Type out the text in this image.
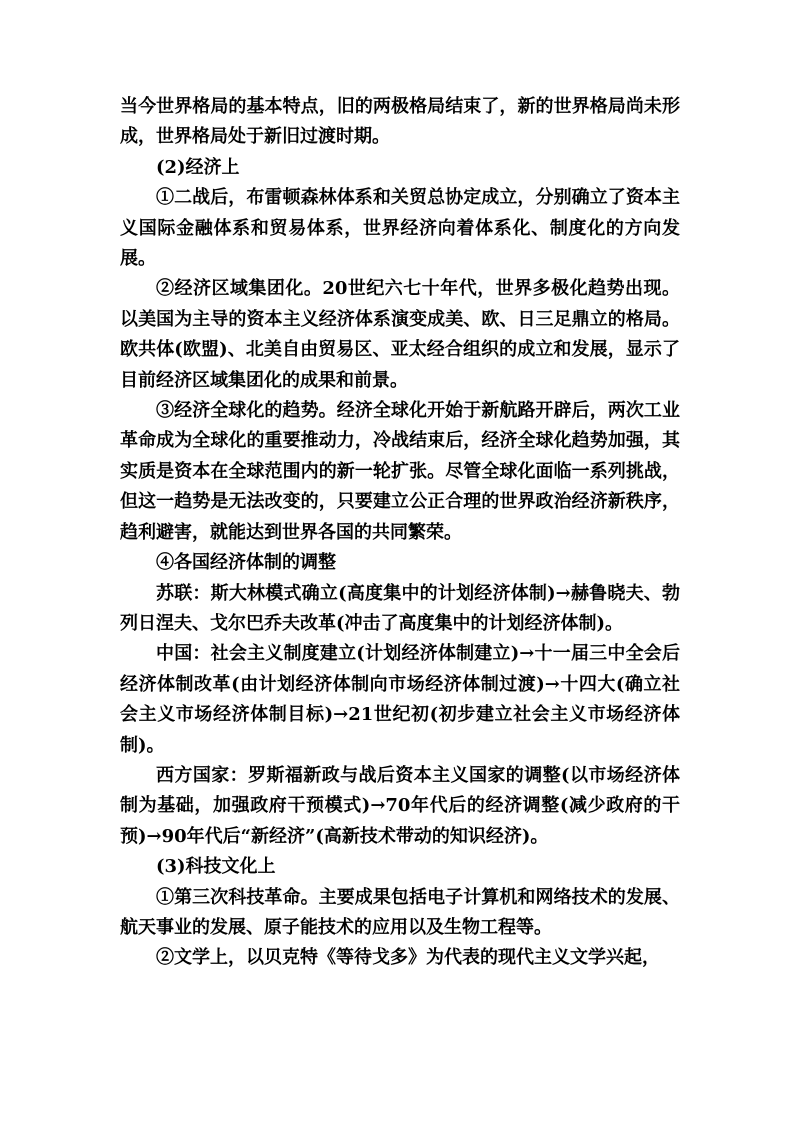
当今世界格局的基本特点，旧的两极格局结束了，新的世界格局尚未形成，世界格局处于新旧过渡时期。

(2)经济上

①二战后，布雷顿森林体系和关贸总协定成立，分别确立了资本主义国际金融体系和贸易体系，世界经济向着体系化、制度化的方向发展。

②经济区域集团化。20世纪六七十年代，世界多极化趋势出现。以美国为主导的资本主义经济体系演变成美、欧、日三足鼎立的格局。欧共体(欧盟)、北美自由贸易区、亚太经合组织的成立和发展，显示了目前经济区域集团化的成果和前景。

③经济全球化的趋势。经济全球化开始于新航路开辟后，两次工业革命成为全球化的重要推动力，冷战结束后，经济全球化趋势加强，其实质是资本在全球范围内的新一轮扩张。尽管全球化面临一系列挑战，但这一趋势是无法改变的，只要建立公正合理的世界政治经济新秩序，趋利避害，就能达到世界各国的共同繁荣。

④各国经济体制的调整

苏联：斯大林模式确立(高度集中的计划经济体制)→赫鲁晓夫、勃列日涅夫、戈尔巴乔夫改革(冲击了高度集中的计划经济体制)。

中国：社会主义制度建立(计划经济体制建立)→十一届三中全会后经济体制改革(由计划经济体制向市场经济体制过渡)→十四大(确立社会主义市场经济体制目标)→21世纪初(初步建立社会主义市场经济体制)。

西方国家：罗斯福新政与战后资本主义国家的调整(以市场经济体制为基础，加强政府干预模式)→70年代后的经济调整(减少政府的干预)→90年代后“新经济”(高新技术带动的知识经济)。

(3)科技文化上

①第三次科技革命。主要成果包括电子计算机和网络技术的发展、航天事业的发展、原子能技术的应用以及生物工程等。

②文学上，以贝克特《等待戈多》为代表的现代主义文学兴起，
